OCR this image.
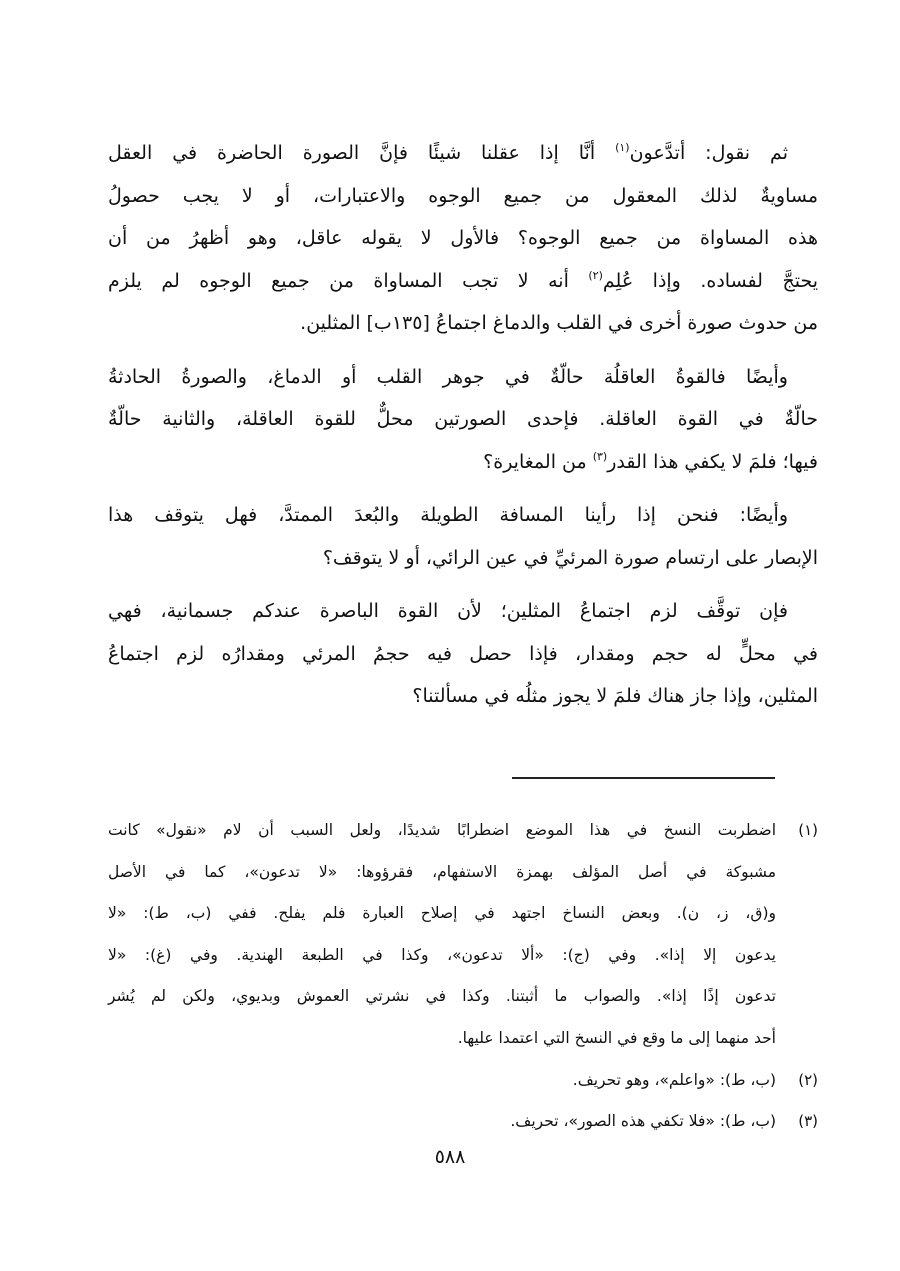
ثم نقول: أتدَّعون$^{(١)}$ أنَّا إذا عقلنا شيئًا فإنَّ الصورة الحاضرة في العقل
مساويةٌ لذلك المعقول من جميع الوجوه والاعتبارات، أو لا يجب حصولُ
هذه المساواة من جميع الوجوه؟ فالأول لا يقوله عاقل، وهو أظهرُ من أن
يحتجَّ لفساده. وإذا عُلِم$^{(٢)}$ أنه لا تجب المساواة من جميع الوجوه لم يلزم
من حدوث صورة أخرى في القلب والدماغ اجتماعُ [١٣٥ب] المثلين.
وأيضًا فالقوةُ العاقلُة حالّةٌ في جوهر القلب أو الدماغ، والصورةُ الحادثةُ
حالّةٌ في القوة العاقلة. فإحدى الصورتين محلٌّ للقوة العاقلة، والثانية حالّةٌ
فيها؛ فلمَ لا يكفي هذا القدر$^{(٣)}$ من المغايرة؟
وأيضًا: فنحن إذا رأينا المسافة الطويلة والبُعدَ الممتدَّ، فهل يتوقف هذا
الإبصار على ارتسام صورة المرئيِّ في عين الرائي، أو لا يتوقف؟
فإن توقَّف لزم اجتماعُ المثلين؛ لأن القوة الباصرة عندكم جسمانية، فهي
في محلٍّ له حجم ومقدار، فإذا حصل فيه حجمُ المرئي ومقدارُه لزم اجتماعُ
المثلين، وإذا جاز هناك فلمَ لا يجوز مثلُه في مسألتنا؟
(١)
اضطربت النسخ في هذا الموضع اضطرابًا شديدًا، ولعل السبب أن لام «نقول» كانت
مشبوكة في أصل المؤلف بهمزة الاستفهام، فقرؤوها: «لا تدعون»، كما في الأصل
و(ق، ز، ن). وبعض النساخ اجتهد في إصلاح العبارة فلم يفلح. ففي (ب، ط): «لا
يدعون إلا إذا». وفي (ج): «ألا تدعون»، وكذا في الطبعة الهندية. وفي (غ): «لا
تدعون إذًا إذا». والصواب ما أثبتنا. وكذا في نشرتي العموش وبديوي، ولكن لم يُشر
أحد منهما إلى ما وقع في النسخ التي اعتمدا عليها.
(٢)
(ب، ط): «واعلم»، وهو تحريف.
(٣)
(ب، ط): «فلا تكفي هذه الصور»، تحريف.
٥٨٨
